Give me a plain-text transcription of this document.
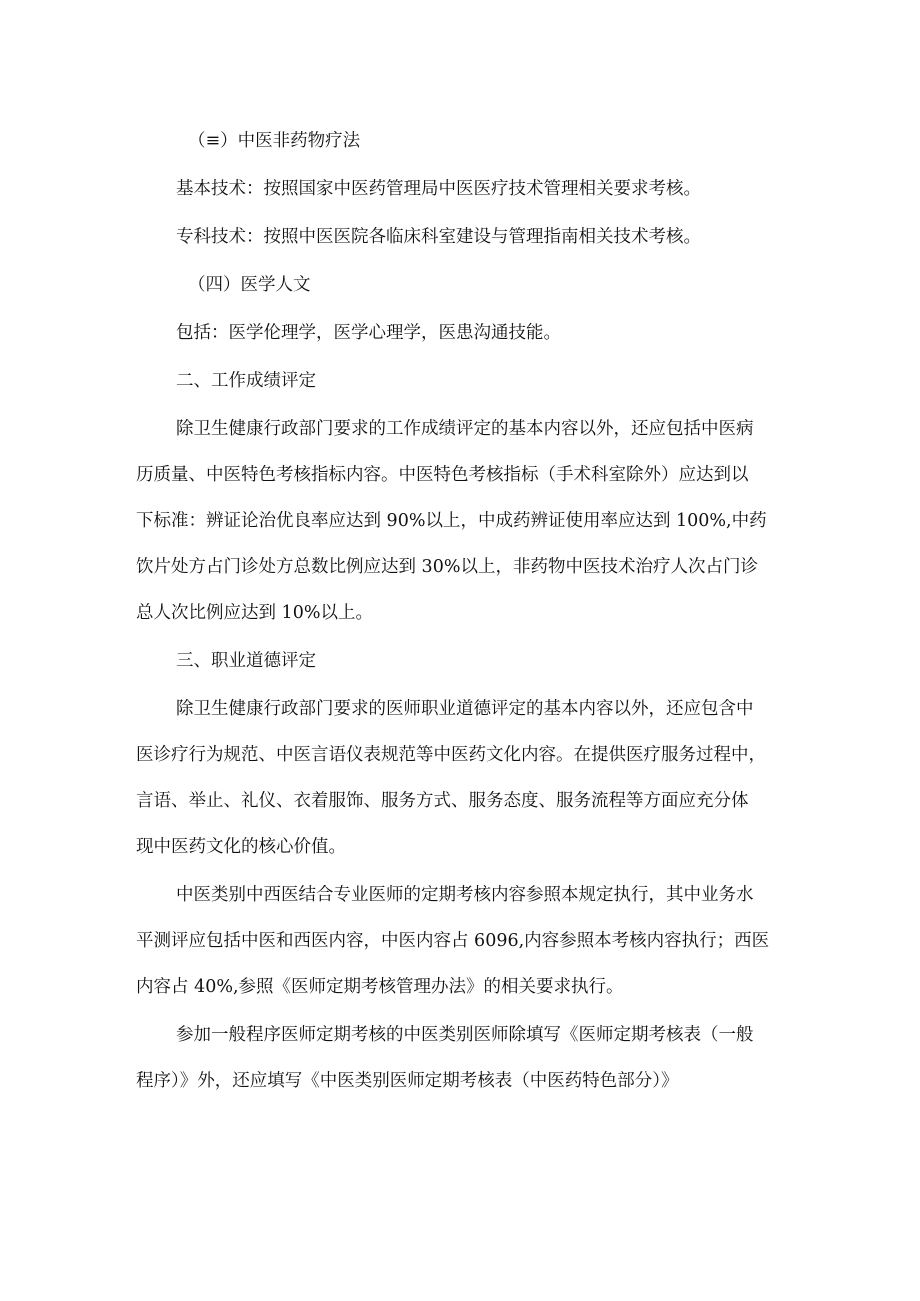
（≡）中医非药物疗法
基本技术：按照国家中医药管理局中医医疗技术管理相关要求考核。
专科技术：按照中医医院各临床科室建设与管理指南相关技术考核。
（四）医学人文
包括：医学伦理学，医学心理学，医患沟通技能。
二、工作成绩评定
除卫生健康行政部门要求的工作成绩评定的基本内容以外，还应包括中医病
历质量、中医特色考核指标内容。中医特色考核指标（手术科室除外）应达到以
下标准：辨证论治优良率应达到 90%以上，中成药辨证使用率应达到 100%,中药
饮片处方占门诊处方总数比例应达到 30%以上，非药物中医技术治疗人次占门诊
总人次比例应达到 10%以上。
三、职业道德评定
除卫生健康行政部门要求的医师职业道德评定的基本内容以外，还应包含中
医诊疗行为规范、中医言语仪表规范等中医药文化内容。在提供医疗服务过程中，
言语、举止、礼仪、衣着服饰、服务方式、服务态度、服务流程等方面应充分体
现中医药文化的核心价值。
中医类别中西医结合专业医师的定期考核内容参照本规定执行，其中业务水
平测评应包括中医和西医内容，中医内容占 6096,内容参照本考核内容执行；西医
内容占 40%,参照《医师定期考核管理办法》的相关要求执行。
参加一般程序医师定期考核的中医类别医师除填写《医师定期考核表（一般
程序）》外，还应填写《中医类别医师定期考核表（中医药特色部分）》
